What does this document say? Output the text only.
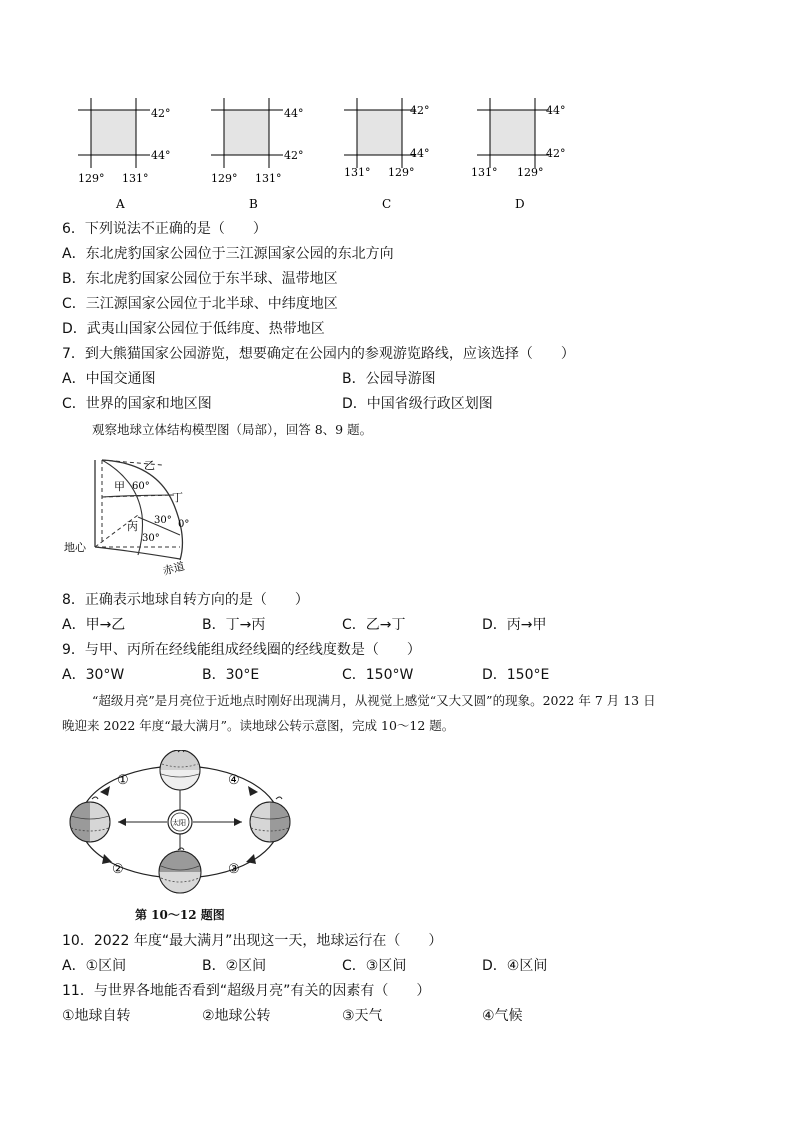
42°
44°
129° 131°
A
44°
42°
129° 131°
B
42°
44°
131° 129°
C
44°
42°
131° 129°
D
6．下列说法不正确的是（　　）
A．东北虎豹国家公园位于三江源国家公园的东北方向
B．东北虎豹国家公园位于东半球、温带地区
C．三江源国家公园位于北半球、中纬度地区
D．武夷山国家公园位于低纬度、热带地区
7．到大熊猫国家公园游览，想要确定在公园内的参观游览路线，应该选择（　　）
A．中国交通图	B．公园导游图
C．世界的国家和地区图	D．中国省级行政区划图
观察地球立体结构模型图（局部），回答 8、9 题。
乙
甲 60°
丁
30° 0°
丙
30°
地心
赤道
8．正确表示地球自转方向的是（　　）
A．甲→乙	B．丁→丙	C．乙→丁	D．丙→甲
9．与甲、丙所在经线能组成经线圈的经线度数是（　　）
A．30°W	B．30°E	C．150°W	D．150°E
“超级月亮”是月亮位于近地点时刚好出现满月，从视觉上感觉“又大又圆”的现象。2022 年 7 月 13 日
晚迎来 2022 年度“最大满月”。读地球公转示意图，完成 10～12 题。
太阳
①
②	③
④
第 10～12 题图
10．2022 年度“最大满月”出现这一天，地球运行在（　　）
A．①区间	B．②区间	C．③区间	D．④区间
11．与世界各地能否看到“超级月亮”有关的因素有（　　）
①地球自转	②地球公转	③天气	④气候
